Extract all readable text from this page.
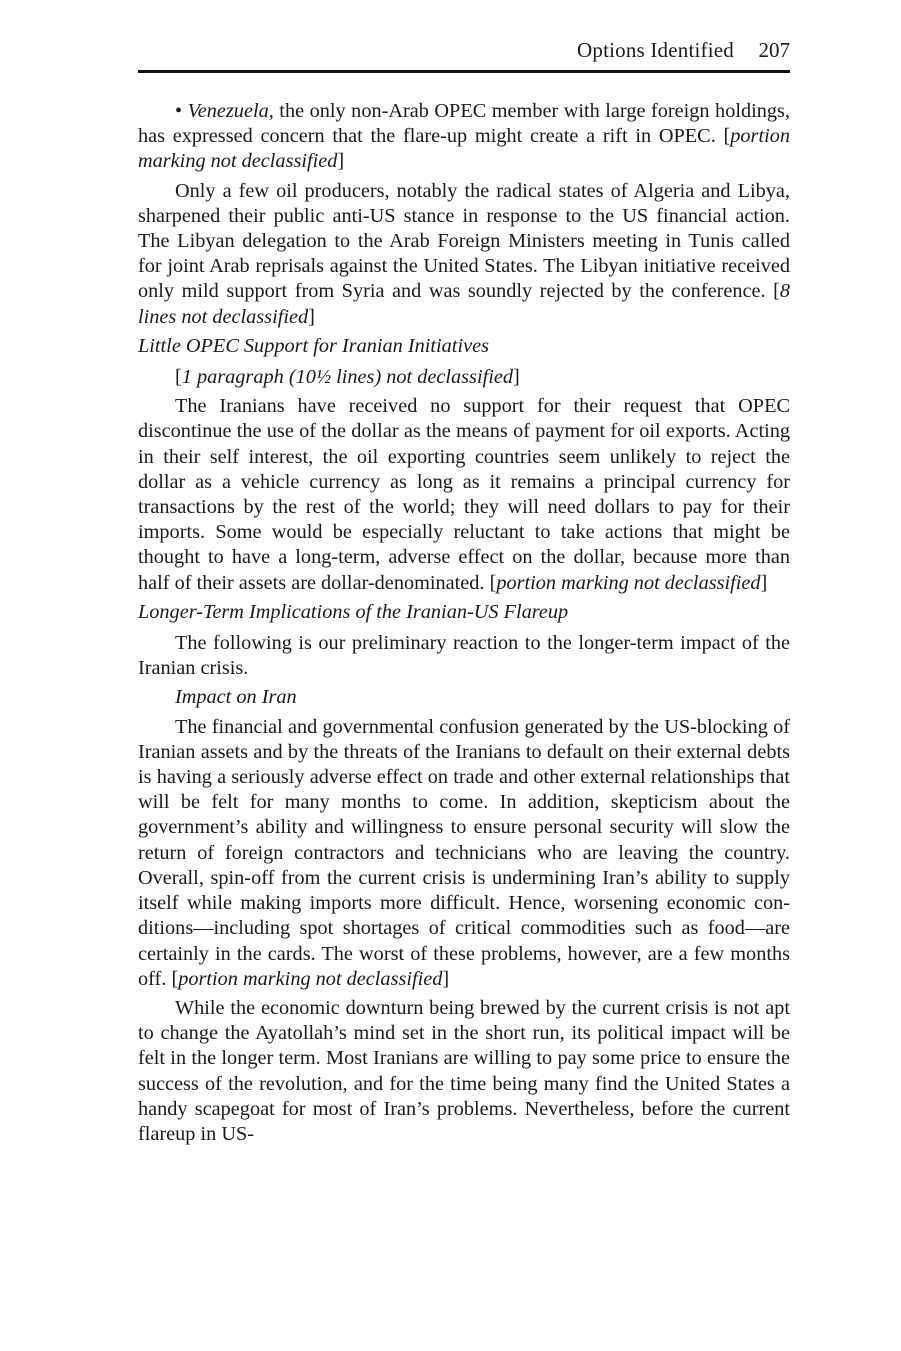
Options Identified 207

• Venezuela, the only non-Arab OPEC member with large foreign holdings, has expressed concern that the flare-up might create a rift in OPEC. [portion marking not declassified]

Only a few oil producers, notably the radical states of Algeria and Libya, sharpened their public anti-US stance in response to the US financial action. The Libyan delegation to the Arab Foreign Ministers meeting in Tunis called for joint Arab reprisals against the United States. The Libyan initiative received only mild support from Syria and was soundly rejected by the conference. [8 lines not declassified]

Little OPEC Support for Iranian Initiatives

[1 paragraph (10½ lines) not declassified]

The Iranians have received no support for their request that OPEC discontinue the use of the dollar as the means of payment for oil exports. Acting in their self interest, the oil exporting countries seem unlikely to reject the dollar as a vehicle currency as long as it remains a principal currency for transactions by the rest of the world; they will need dollars to pay for their imports. Some would be especially reluctant to take actions that might be thought to have a long-term, adverse effect on the dollar, because more than half of their assets are dollar-denominated. [portion marking not declassified]

Longer-Term Implications of the Iranian-US Flareup

The following is our preliminary reaction to the longer-term impact of the Iranian crisis.

Impact on Iran

The financial and governmental confusion generated by the US-blocking of Iranian assets and by the threats of the Iranians to default on their external debts is having a seriously adverse effect on trade and other external relationships that will be felt for many months to come. In addition, skepticism about the government’s ability and willingness to ensure personal security will slow the return of foreign contractors and technicians who are leaving the country. Overall, spin-off from the current crisis is undermining Iran’s ability to supply itself while making imports more difficult. Hence, worsening economic conditions—including spot shortages of critical commodities such as food—are certainly in the cards. The worst of these problems, however, are a few months off. [portion marking not declassified]

While the economic downturn being brewed by the current crisis is not apt to change the Ayatollah’s mind set in the short run, its political impact will be felt in the longer term. Most Iranians are willing to pay some price to ensure the success of the revolution, and for the time being many find the United States a handy scapegoat for most of Iran’s problems. Nevertheless, before the current flareup in US-
